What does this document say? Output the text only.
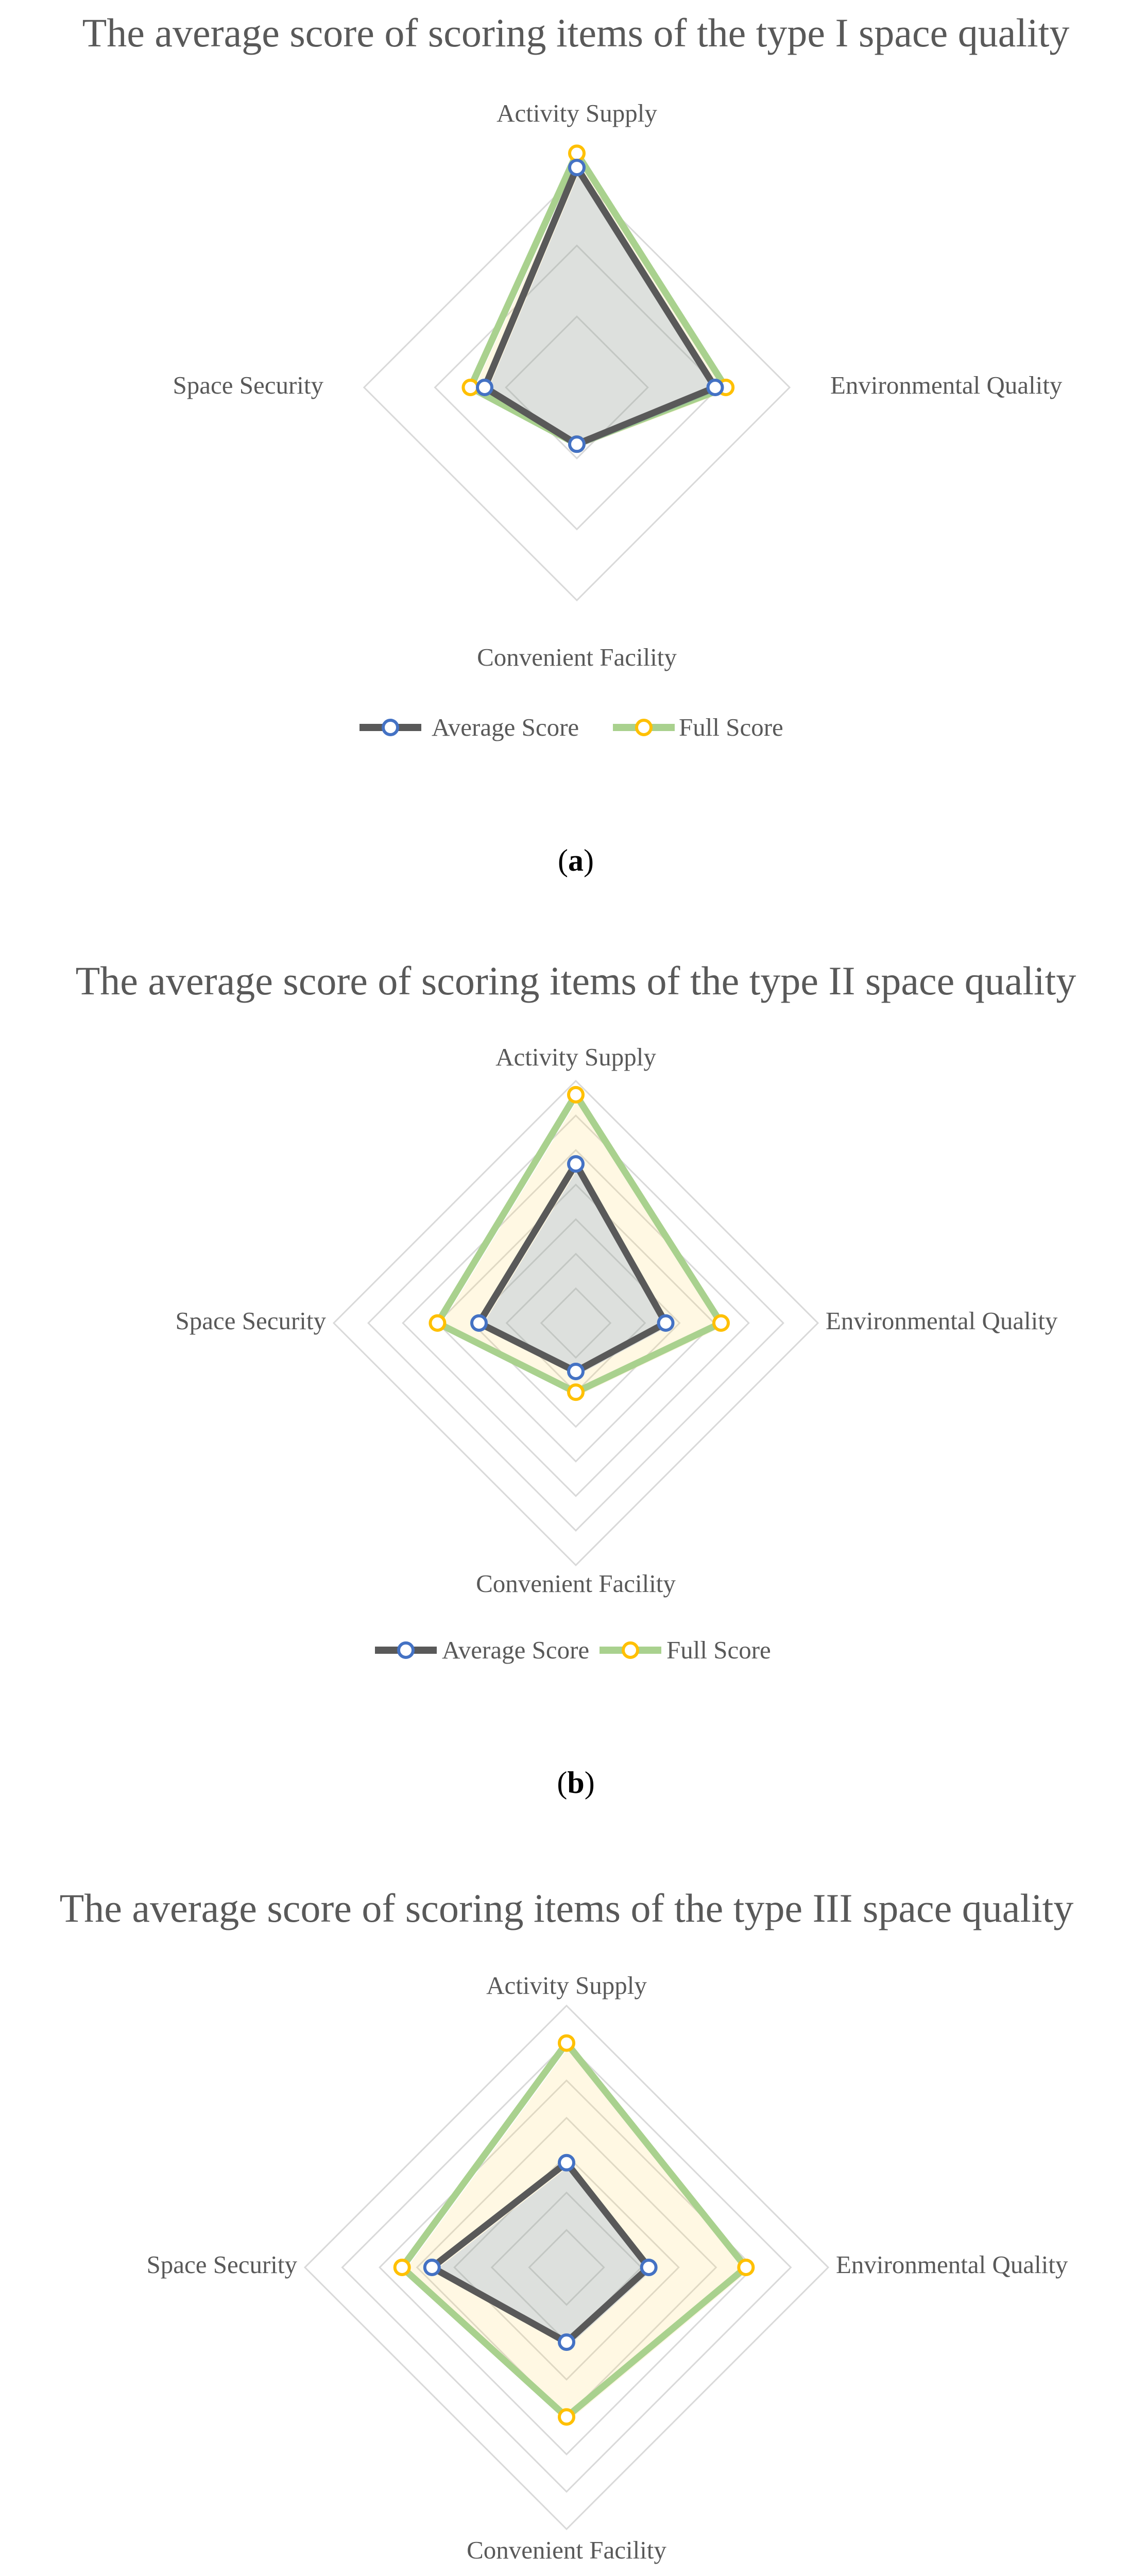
The average score of scoring items of the type I space quality
Activity Supply
Environmental Quality
Convenient Facility
Space Security
Average Score	Full Score
(a)
The average score of scoring items of the type II space quality
Activity Supply
Environmental Quality
Convenient Facility
Space Security
Average Score	Full Score
(b)
The average score of scoring items of the type III space quality
Activity Supply
Environmental Quality
Convenient Facility
Space Security
